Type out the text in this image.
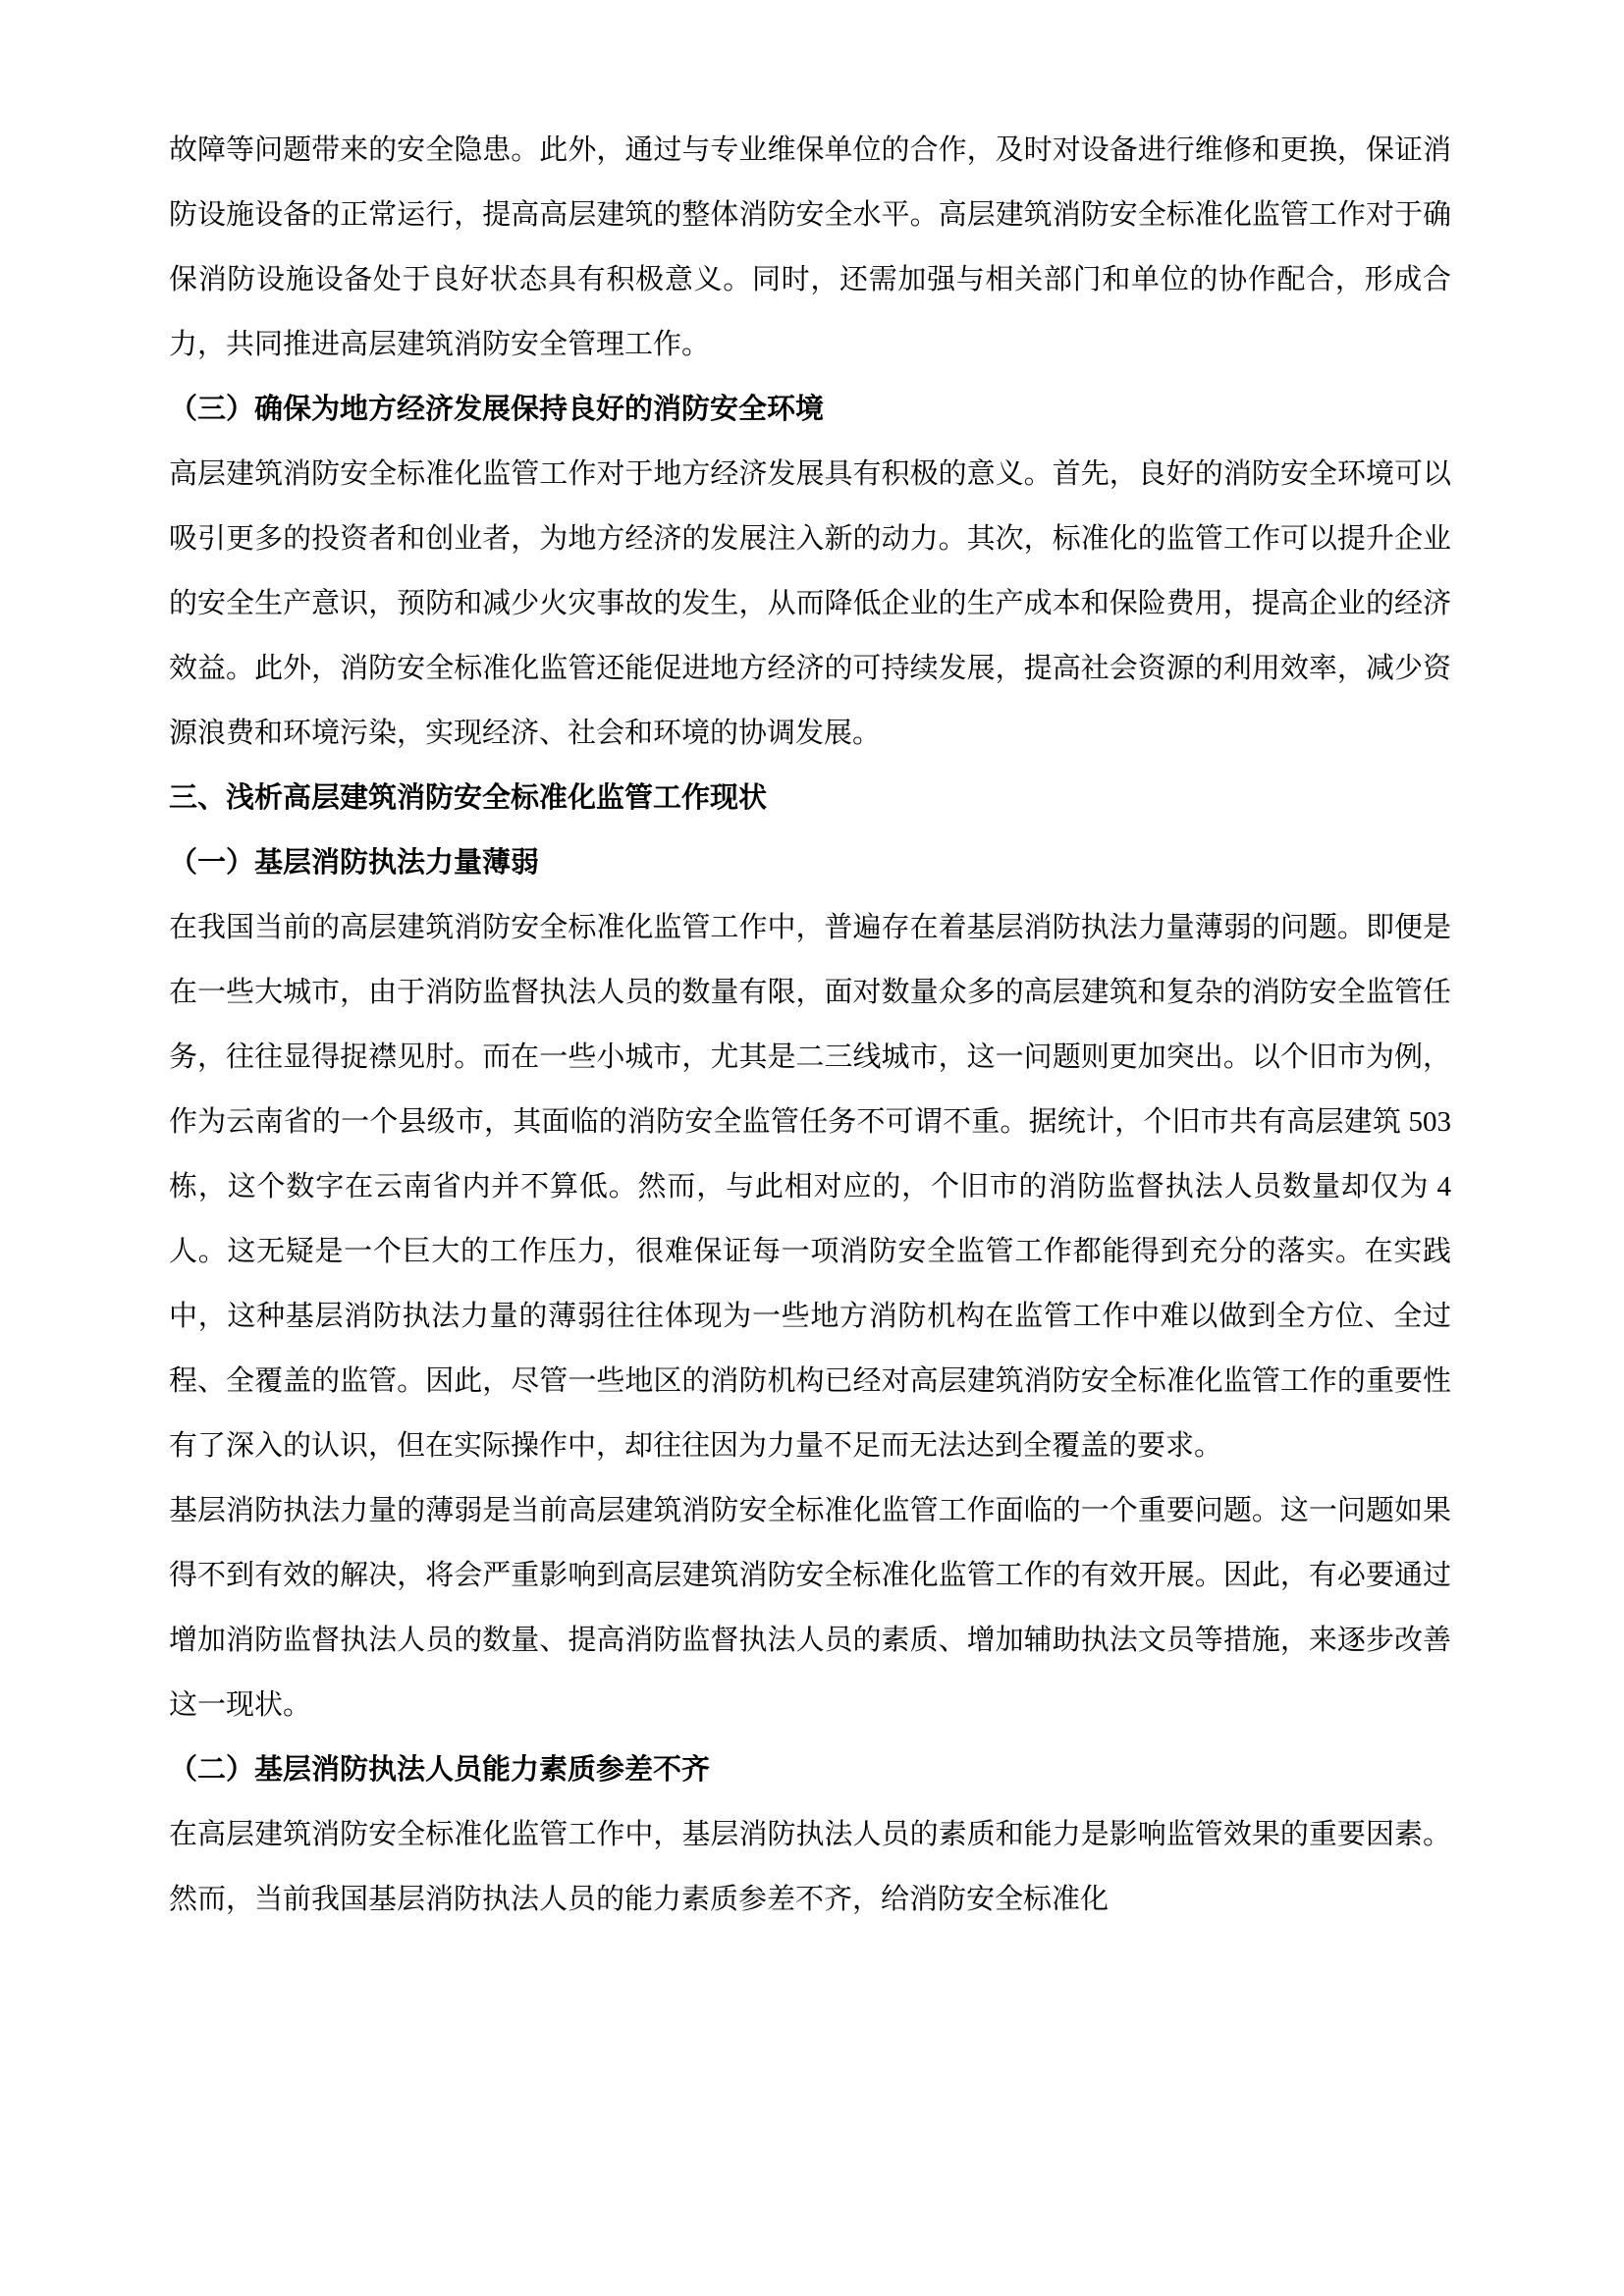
故障等问题带来的安全隐患。此外，通过与专业维保单位的合作，及时对设备进行维修和更换，保证消防设施设备的正常运行，提高高层建筑的整体消防安全水平。高层建筑消防安全标准化监管工作对于确保消防设施设备处于良好状态具有积极意义。同时，还需加强与相关部门和单位的协作配合，形成合力，共同推进高层建筑消防安全管理工作。

（三）确保为地方经济发展保持良好的消防安全环境

高层建筑消防安全标准化监管工作对于地方经济发展具有积极的意义。首先，良好的消防安全环境可以吸引更多的投资者和创业者，为地方经济的发展注入新的动力。其次，标准化的监管工作可以提升企业的安全生产意识，预防和减少火灾事故的发生，从而降低企业的生产成本和保险费用，提高企业的经济效益。此外，消防安全标准化监管还能促进地方经济的可持续发展，提高社会资源的利用效率，减少资源浪费和环境污染，实现经济、社会和环境的协调发展。

三、浅析高层建筑消防安全标准化监管工作现状

（一）基层消防执法力量薄弱

在我国当前的高层建筑消防安全标准化监管工作中，普遍存在着基层消防执法力量薄弱的问题。即便是在一些大城市，由于消防监督执法人员的数量有限，面对数量众多的高层建筑和复杂的消防安全监管任务，往往显得捉襟见肘。而在一些小城市，尤其是二三线城市，这一问题则更加突出。以个旧市为例，作为云南省的一个县级市，其面临的消防安全监管任务不可谓不重。据统计，个旧市共有高层建筑 503 栋，这个数字在云南省内并不算低。然而，与此相对应的，个旧市的消防监督执法人员数量却仅为 4 人。这无疑是一个巨大的工作压力，很难保证每一项消防安全监管工作都能得到充分的落实。在实践中，这种基层消防执法力量的薄弱往往体现为一些地方消防机构在监管工作中难以做到全方位、全过程、全覆盖的监管。因此，尽管一些地区的消防机构已经对高层建筑消防安全标准化监管工作的重要性有了深入的认识，但在实际操作中，却往往因为力量不足而无法达到全覆盖的要求。

基层消防执法力量的薄弱是当前高层建筑消防安全标准化监管工作面临的一个重要问题。这一问题如果得不到有效的解决，将会严重影响到高层建筑消防安全标准化监管工作的有效开展。因此，有必要通过增加消防监督执法人员的数量、提高消防监督执法人员的素质、增加辅助执法文员等措施，来逐步改善这一现状。

（二）基层消防执法人员能力素质参差不齐

在高层建筑消防安全标准化监管工作中，基层消防执法人员的素质和能力是影响监管效果的重要因素。然而，当前我国基层消防执法人员的能力素质参差不齐，给消防安全标准化
